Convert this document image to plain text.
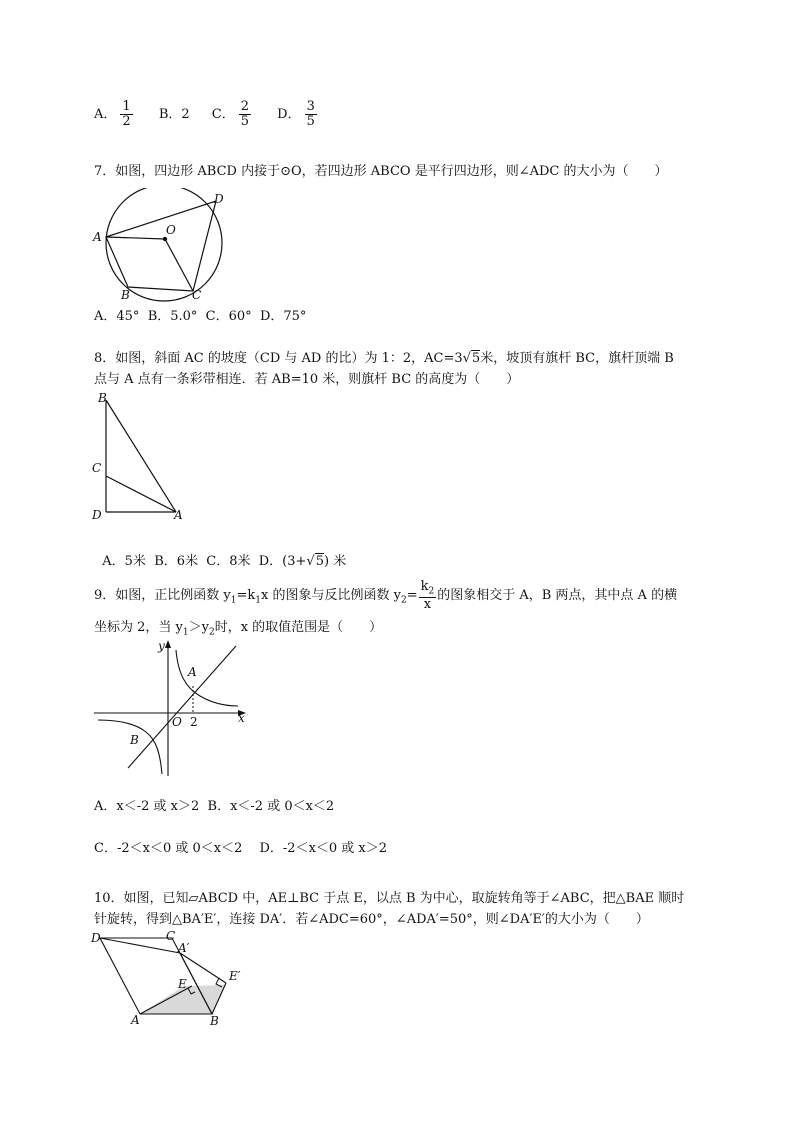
A． $\frac{1}{2}$ B．2 C． $\frac{2}{5}$ D． $\frac{3}{5}$
7．如图，四边形 ABCD 内接于⊙O，若四边形 ABCO 是平行四边形，则∠ADC 的大小为（　　）
A
B	C
D
O
A．45°  B．5.0°  C．60°  D．75°
8．如图，斜面 AC 的坡度（CD 与 AD 的比）为 1：2，AC=3√5米，坡顶有旗杆 BC，旗杆顶端 B
点与 A 点有一条彩带相连．若 AB=10 米，则旗杆 BC 的高度为（　　）
B
C
D	A

A．5米  B．6米  C．8米  D．(3+√5) 米

9．如图，正比例函数 $y_1=k_1x$ 的图象与反比例函数 $y_2= \frac{k_2}{x}$ 的图象相交于 A，B 两点，其中点 A 的横
坐标为 2，当 $y_1>y_2$时，x 的取值范围是（　　）
y
x
O
A
B
2
A．x＜-2 或 x＞2  B．x＜-2 或 0＜x＜2
C．-2＜x＜0 或 0＜x＜2　 D．-2＜x＜0 或 x＞2
10．如图，已知▱ABCD 中，AE⊥BC 于点 E，以点 B 为中心，取旋转角等于∠ABC，把△BAE 顺时
针旋转，得到△BA′E′，连接 DA′．若∠ADC=60°，∠ADA′=50°，则∠DA′E′的大小为（　　）
D	C
A′
E
E′
A	B
